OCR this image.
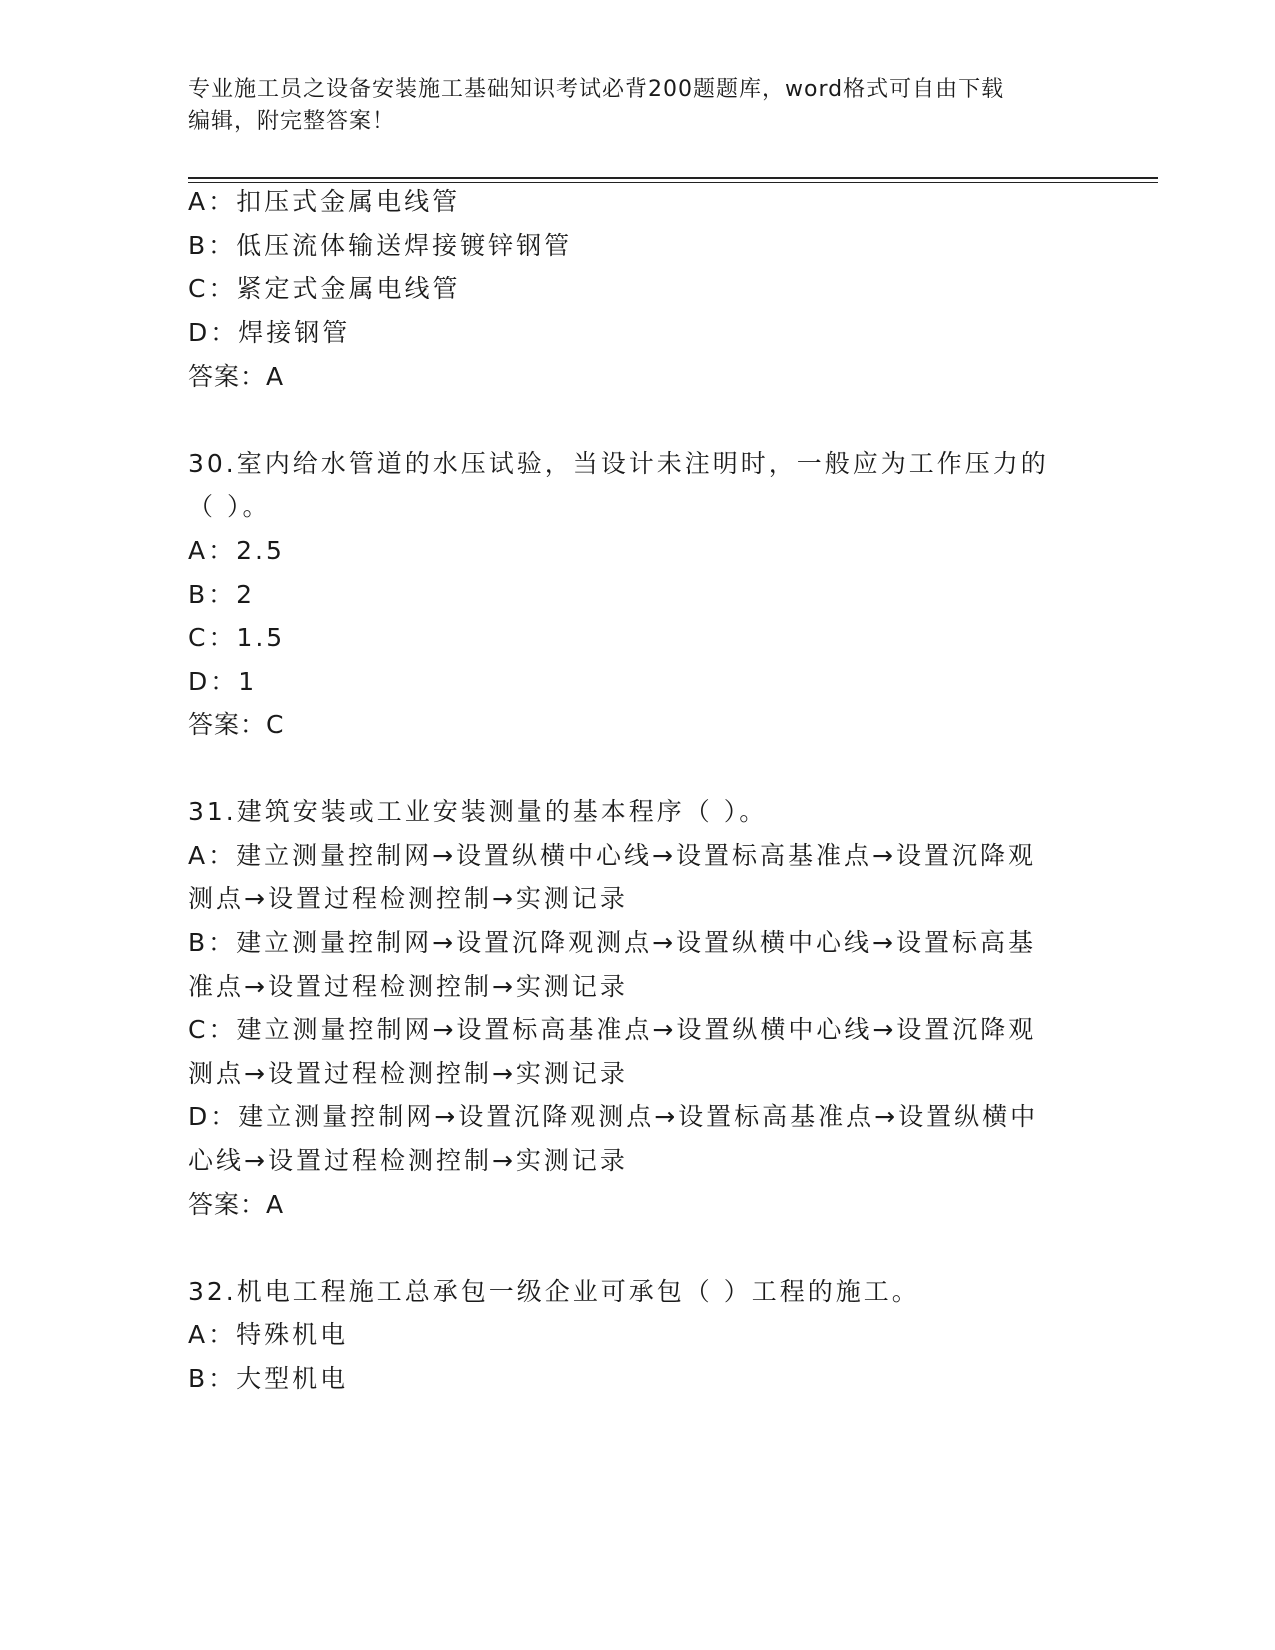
专业施工员之设备安装施工基础知识考试必背200题题库，word格式可自由下载
编辑，附完整答案！
A：扣压式金属电线管
B：低压流体输送焊接镀锌钢管
C：紧定式金属电线管
D：焊接钢管
答案：A
30.室内给水管道的水压试验，当设计未注明时，一般应为工作压力的
（ ）。
A：2.5
B：2
C：1.5
D：1
答案：C
31.建筑安装或工业安装测量的基本程序（ ）。
A：建立测量控制网→设置纵横中心线→设置标高基准点→设置沉降观
测点→设置过程检测控制→实测记录
B：建立测量控制网→设置沉降观测点→设置纵横中心线→设置标高基
准点→设置过程检测控制→实测记录
C：建立测量控制网→设置标高基准点→设置纵横中心线→设置沉降观
测点→设置过程检测控制→实测记录
D：建立测量控制网→设置沉降观测点→设置标高基准点→设置纵横中
心线→设置过程检测控制→实测记录
答案：A
32.机电工程施工总承包一级企业可承包（ ）工程的施工。
A：特殊机电
B：大型机电
